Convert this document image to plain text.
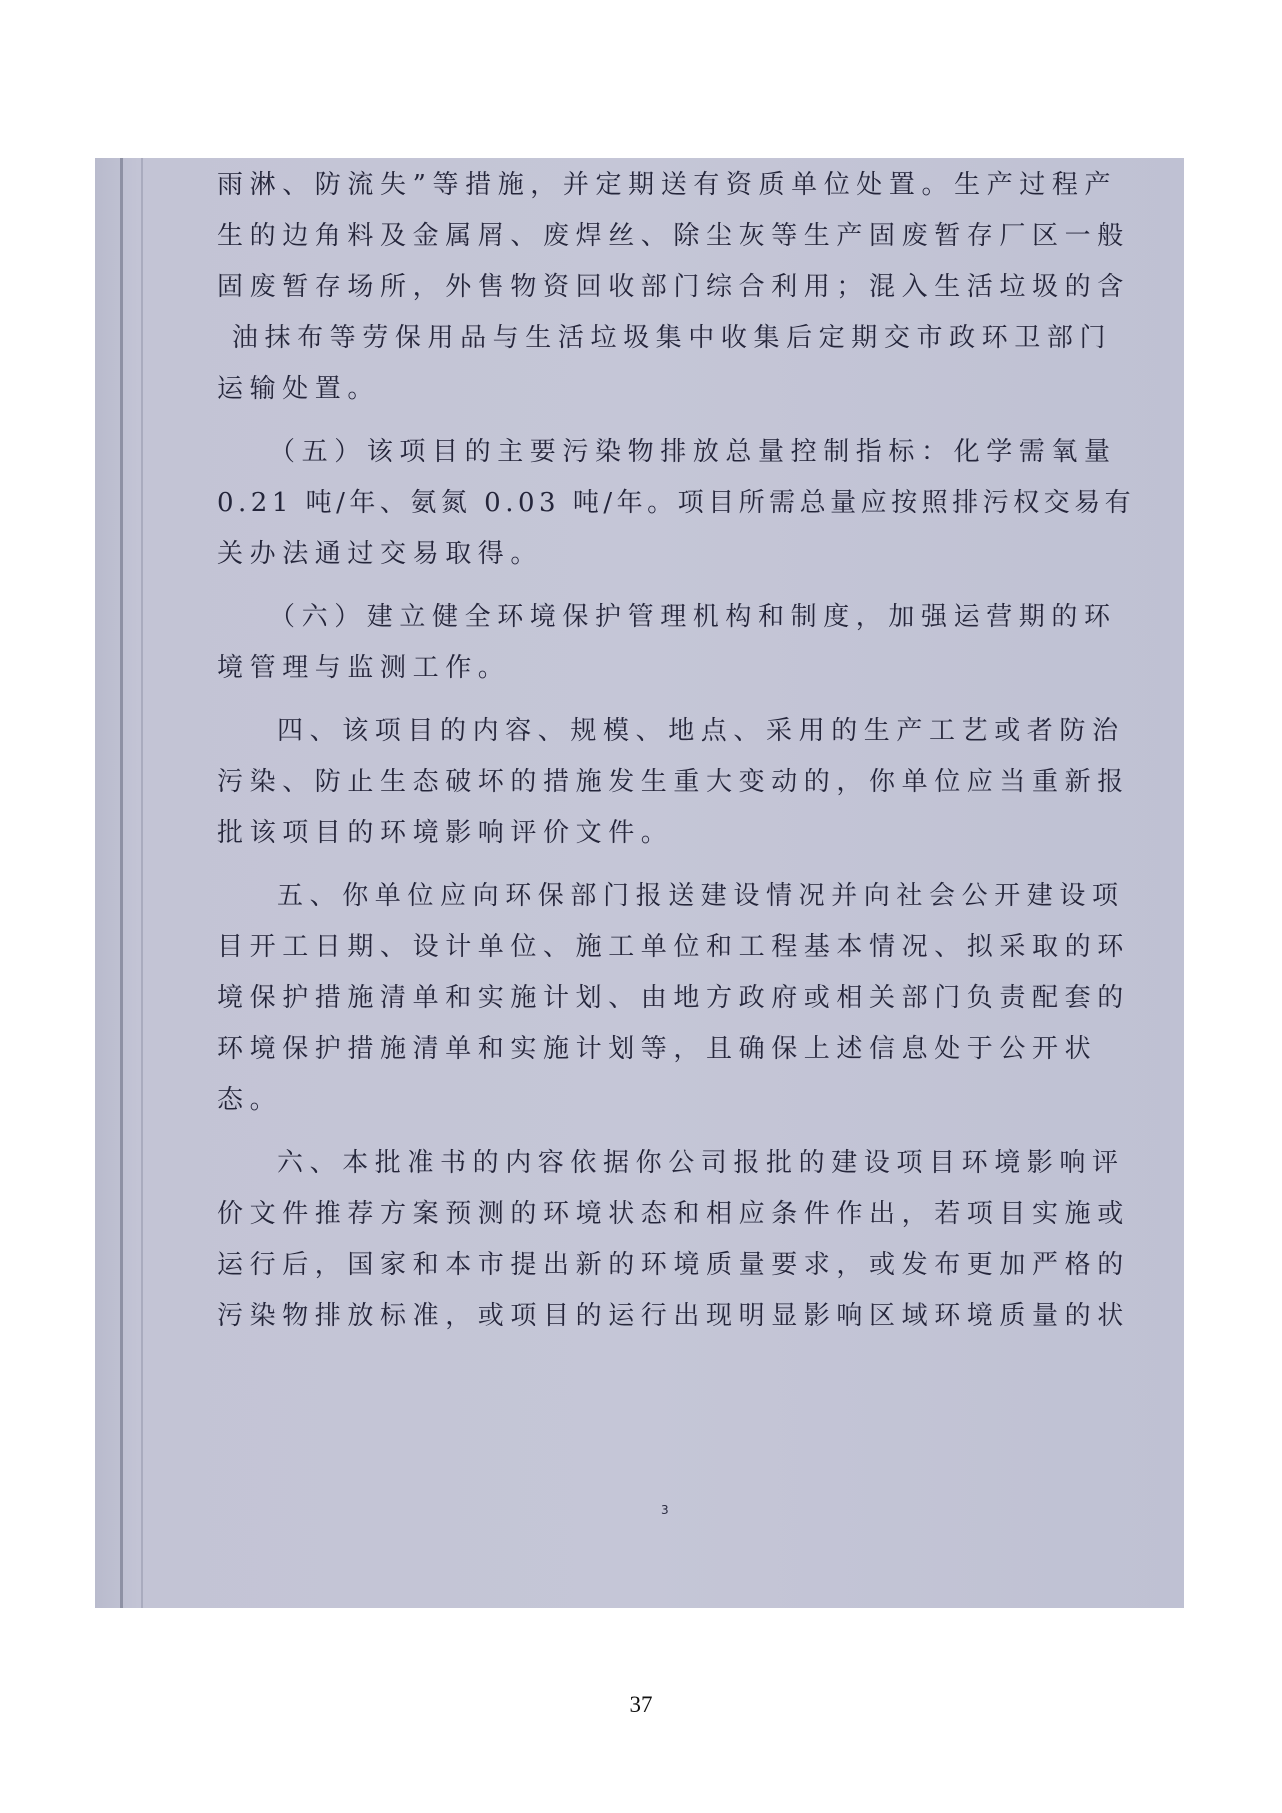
雨淋、防流失”等措施，并定期送有资质单位处置。生产过程产
生的边角料及金属屑、废焊丝、除尘灰等生产固废暂存厂区一般
固废暂存场所，外售物资回收部门综合利用；混入生活垃圾的含
油抹布等劳保用品与生活垃圾集中收集后定期交市政环卫部门
运输处置。
（五）该项目的主要污染物排放总量控制指标：化学需氧量
0.21 吨/年、氨氮 0.03 吨/年。项目所需总量应按照排污权交易有
关办法通过交易取得。
（六）建立健全环境保护管理机构和制度，加强运营期的环
境管理与监测工作。
四、该项目的内容、规模、地点、采用的生产工艺或者防治
污染、防止生态破坏的措施发生重大变动的，你单位应当重新报
批该项目的环境影响评价文件。
五、你单位应向环保部门报送建设情况并向社会公开建设项
目开工日期、设计单位、施工单位和工程基本情况、拟采取的环
境保护措施清单和实施计划、由地方政府或相关部门负责配套的
环境保护措施清单和实施计划等，且确保上述信息处于公开状
态。
六、本批准书的内容依据你公司报批的建设项目环境影响评
价文件推荐方案预测的环境状态和相应条件作出，若项目实施或
运行后，国家和本市提出新的环境质量要求，或发布更加严格的
污染物排放标准，或项目的运行出现明显影响区域环境质量的状
3
37
